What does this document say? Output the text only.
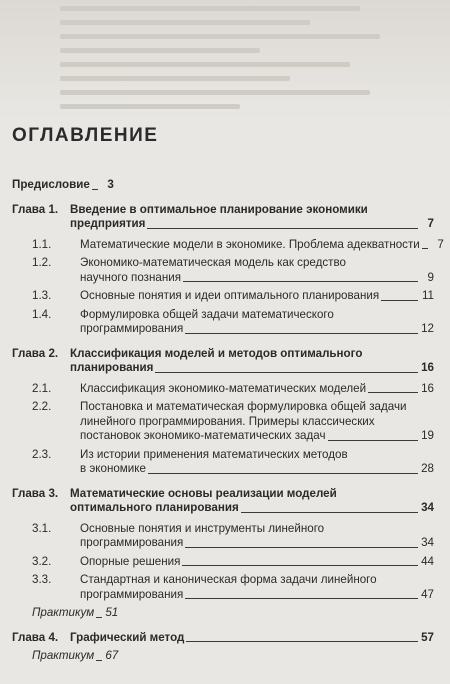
ОГЛАВЛЕНИЕ
Предисловие	3
Глава 1.	Введение в оптимальное планирование экономики
предприятия	7
1.1.	Математические модели в экономике. Проблема адекватности	7
1.2.	Экономико-математическая модель как средство
научного познания	9
1.3.	Основные понятия и идеи оптимального планирования	11
1.4.	Формулировка общей задачи математического
программирования	12
Глава 2.	Классификация моделей и методов оптимального
планирования	16
2.1.	Классификация экономико-математических моделей	16
2.2.	Постановка и математическая формулировка общей задачи
линейного программирования. Примеры классических
постановок экономико-математических задач	19
2.3.	Из истории применения математических методов
в экономике	28
Глава 3.	Математические основы реализации моделей
оптимального планирования	34
3.1.	Основные понятия и инструменты линейного
программирования	34
3.2.	Опорные решения	44
3.3.	Стандартная и каноническая форма задачи линейного
программирования	47
Практикум 51
Глава 4.	Графический метод	57
Практикум 67
